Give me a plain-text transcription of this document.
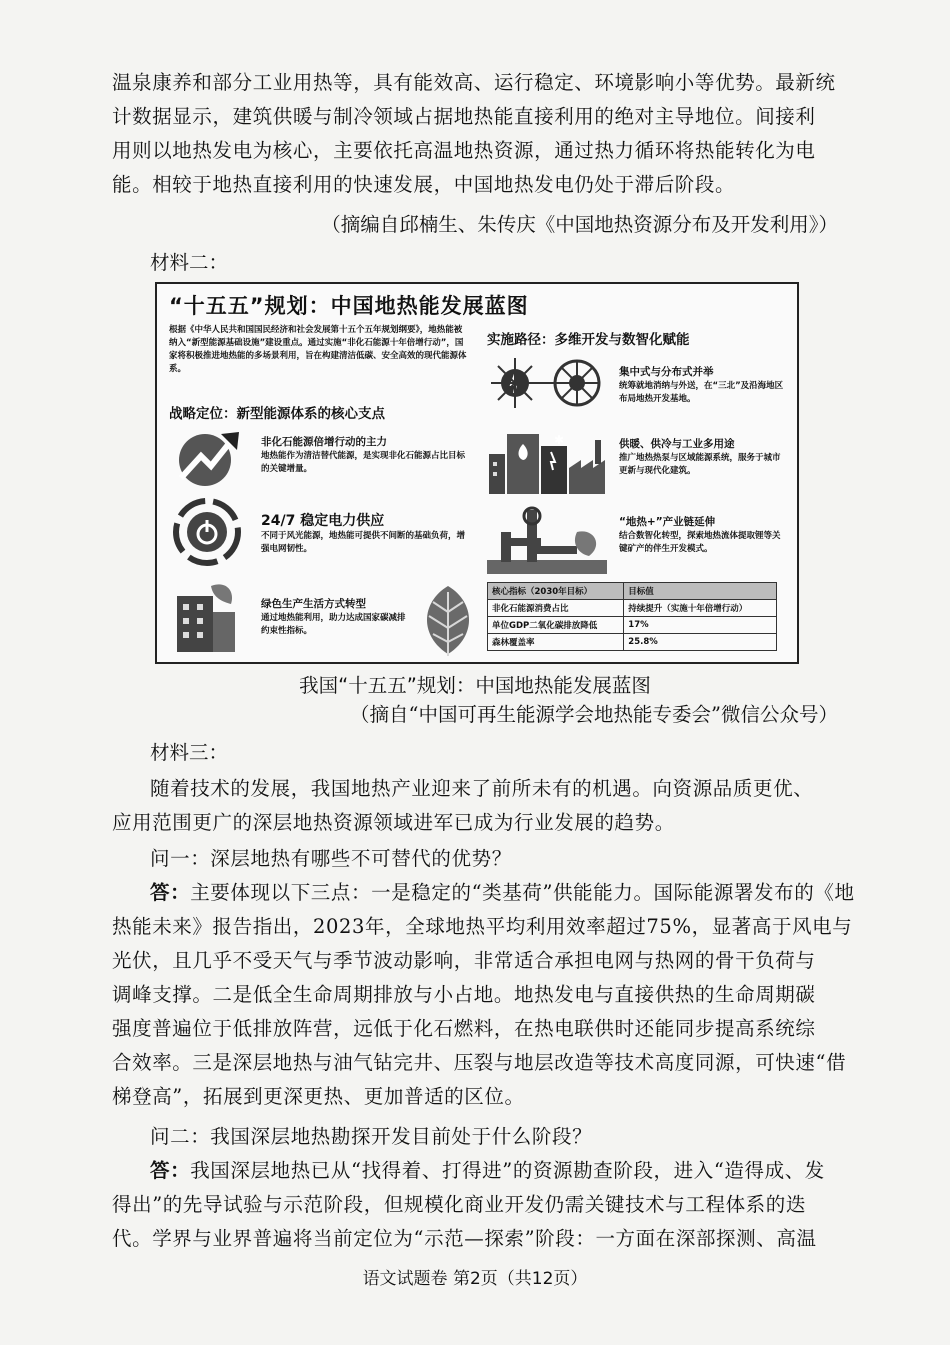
温泉康养和部分工业用热等，具有能效高、运行稳定、环境影响小等优势。最新统
计数据显示，建筑供暖与制冷领域占据地热能直接利用的绝对主导地位。间接利
用则以地热发电为核心，主要依托高温地热资源，通过热力循环将热能转化为电
能。相较于地热直接利用的快速发展，中国地热发电仍处于滞后阶段。

（摘编自邱楠生、朱传庆《中国地热资源分布及开发利用》）
材料二：
“十五五”规划：中国地热能发展蓝图
根据《中华人民共和国国民经济和社会发展第十五个五年规划纲要》，地热能被纳入“新型能源基础设施”建设重点。通过实施“非化石能源十年倍增行动”，国家将积极推进地热能的多场景利用，旨在构建清洁低碳、安全高效的现代能源体系。
战略定位：新型能源体系的核心支点
实施路径：多维开发与数智化赋能
非化石能源倍增行动的主力
地热能作为清洁替代能源，是实现非化石能源占比目标的关键增量。
24/7 稳定电力供应
不同于风光能源，地热能可提供不间断的基础负荷，增强电网韧性。
绿色生产生活方式转型
通过地热能利用，助力达成国家碳减排约束性指标。
集中式与分布式并举
统筹就地消纳与外送，在“三北”及沿海地区布局地热开发基地。
✱	供暖、供冷与工业多用途
推广地热热泵与区域能源系统，服务于城市更新与现代化建筑。
“地热+”产业链延伸
结合数智化转型，探索地热流体提取锂等关键矿产的伴生开发模式。
核心指标（2030年目标）	目标值
非化石能源消费占比	持续提升（实施十年倍增行动）
单位GDP二氧化碳排放降低	17%
森林覆盖率	25.8%
我国“十五五”规划：中国地热能发展蓝图
（摘自“中国可再生能源学会地热能专委会”微信公众号）
材料三：

随着技术的发展，我国地热产业迎来了前所未有的机遇。向资源品质更优、
应用范围更广的深层地热资源领域进军已成为行业发展的趋势。

问一：深层地热有哪些不可替代的优势？

答：主要体现以下三点：一是稳定的“类基荷”供能能力。国际能源署发布的《地
热能未来》报告指出，2023年，全球地热平均利用效率超过75%，显著高于风电与
光伏，且几乎不受天气与季节波动影响，非常适合承担电网与热网的骨干负荷与
调峰支撑。二是低全生命周期排放与小占地。地热发电与直接供热的生命周期碳
强度普遍位于低排放阵营，远低于化石燃料，在热电联供时还能同步提高系统综
合效率。三是深层地热与油气钻完井、压裂与地层改造等技术高度同源，可快速“借
梯登高”，拓展到更深更热、更加普适的区位。

问二：我国深层地热勘探开发目前处于什么阶段？

答：我国深层地热已从“找得着、打得进”的资源勘查阶段，进入“造得成、发
得出”的先导试验与示范阶段，但规模化商业开发仍需关键技术与工程体系的迭
代。学界与业界普遍将当前定位为“示范—探索”阶段：一方面在深部探测、高温

语文试题卷 第2页（共12页）
